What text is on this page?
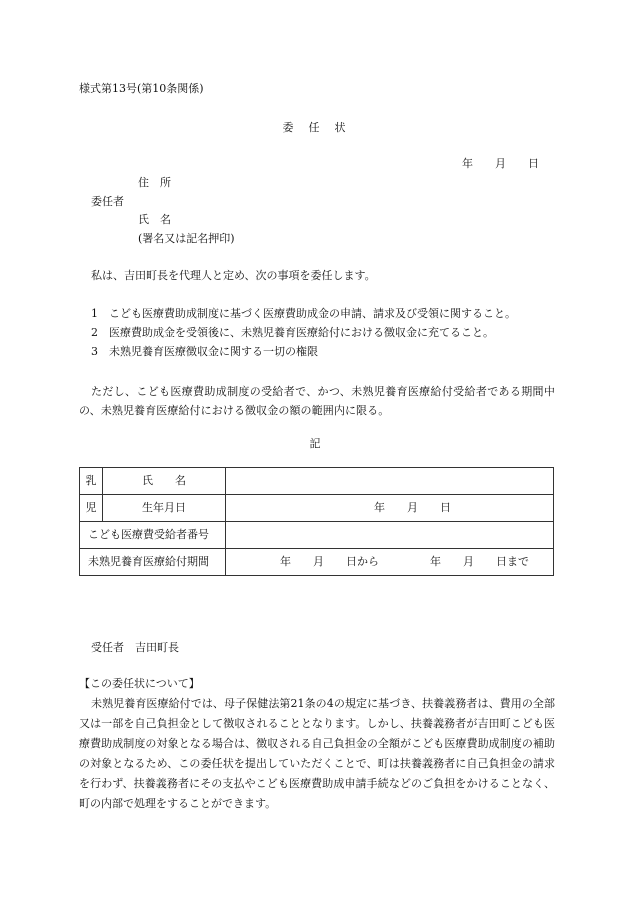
様式第13号(第10条関係)
委　任　状
年　　月　　日
住　所
委任者
氏　名
(署名又は記名押印)
私は、吉田町長を代理人と定め、次の事項を委任します。
1　こども医療費助成制度に基づく医療費助成金の申請、請求及び受領に関すること。
2　医療費助成金を受領後に、未熟児養育医療給付における徴収金に充てること。
3　未熟児養育医療徴収金に関する一切の権限
ただし、こども医療費助成制度の受給者で、かつ、未熟児養育医療給付受給者である期間中の、未熟児養育医療給付における徴収金の額の範囲内に限る。
記
乳	氏　　名	
児	生年月日	年　　月　　日
こども医療費受給者番号		
未熟児養育医療給付期間		年　　月　　日から 年　　月　　日まで
受任者　吉田町長
【この委任状について】
未熟児養育医療給付では、母子保健法第21条の4の規定に基づき、扶養義務者は、費用の全部又は一部を自己負担金として徴収されることとなります。しかし、扶養義務者が吉田町こども医療費助成制度の対象となる場合は、徴収される自己負担金の全額がこども医療費助成制度の補助の対象となるため、この委任状を提出していただくことで、町は扶養義務者に自己負担金の請求を行わず、扶養義務者にその支払やこども医療費助成申請手続などのご負担をかけることなく、町の内部で処理をすることができます。
